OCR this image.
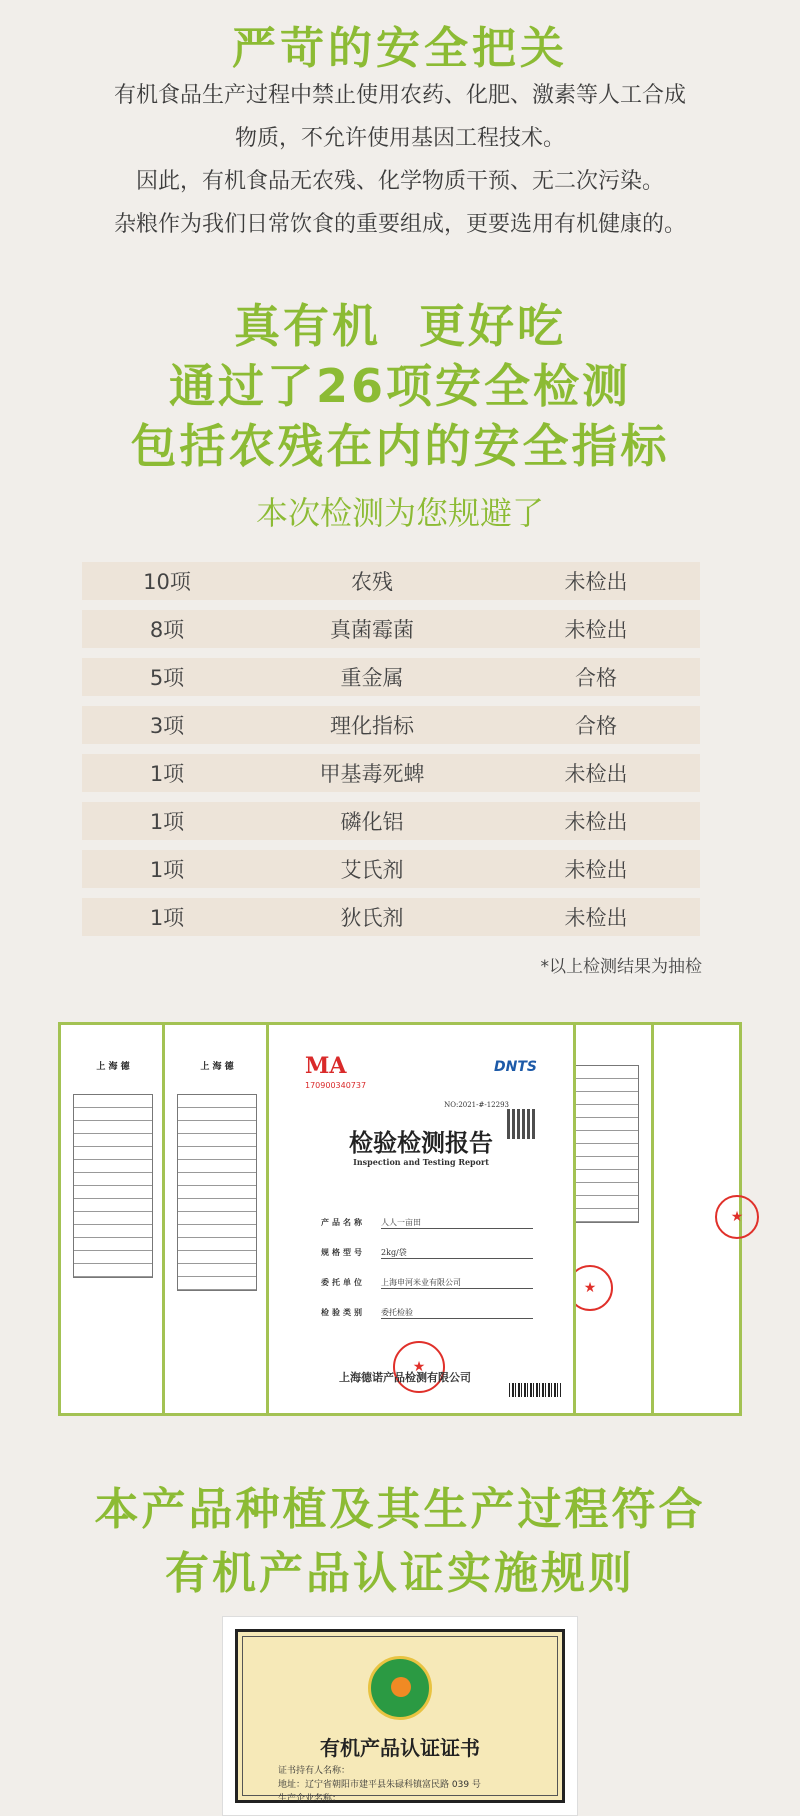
严苛的安全把关

有机食品生产过程中禁止使用农药、化肥、激素等人工合成

物质，不允许使用基因工程技术。

因此，有机食品无农残、化学物质干预、无二次污染。

杂粮作为我们日常饮食的重要组成，更要选用有机健康的。

真有机  更好吃
通过了26项安全检测
包括农残在内的安全指标
本次检测为您规避了
10项	农残	未检出
8项	真菌霉菌	未检出
5项	重金属	合格
3项	理化指标	合格
1项	甲基毒死蜱	未检出
1项	磷化铝	未检出
1项	艾氏剂	未检出
1项	狄氏剂	未检出
*以上检测结果为抽检
上 海 德	上 海 德	MA
170900340737
DNTS
NO:2021-#-12293
检验检测报告
Inspection and Testing Report
产品名称	人人一亩田
规格型号	2kg/袋
委托单位	上海申河米业有限公司
检验类别	委托检验
★
上海德诺产品检测有限公司
★
★
本产品种植及其生产过程符合
有机产品认证实施规则
有机产品认证证书
证书持有人名称：
地址：辽宁省朝阳市建平县朱碌科镇富民路 039 号
生产企业名称：
